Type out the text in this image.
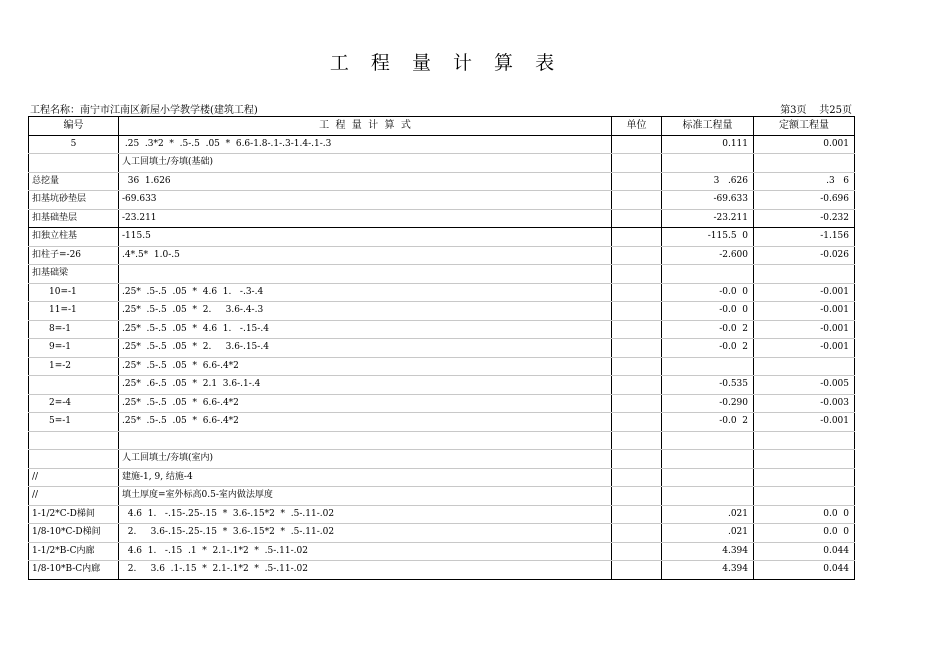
工 程 量 计 算 表
工程名称：南宁市江南区新屋小学教学楼(建筑工程)	第3页    共25页
编号	工  程  量  计  算  式	单位	标准工程量	定额工程量
5	.25  .3*2  *  .5-.5  .05  *  6.6-1.8-.1-.3-1.4-.1-.3		0.111	0.001
	人工回填土/夯填(基础)			
总挖量	36  1.626		3   .626	.3   6
扣基坑砂垫层	-69.633		-69.633	-0.696
扣基础垫层	-23.211		-23.211	-0.232
扣独立柱基	-115.5		-115.5  0	-1.156
扣柱子=-26	.4*.5*  1.0-.5		-2.600	-0.026
扣基础梁				
10=-1	.25*  .5-.5  .05  *  4.6  1.   -.3-.4		-0.0  0	-0.001
11=-1	.25*  .5-.5  .05  *  2.     3.6-.4-.3		-0.0  0	-0.001
8=-1	.25*  .5-.5  .05  *  4.6  1.   -.15-.4		-0.0  2	-0.001
9=-1	.25*  .5-.5  .05  *  2.     3.6-.15-.4		-0.0  2	-0.001
1=-2	.25*  .5-.5  .05  *  6.6-.4*2			
	.25*  .6-.5  .05  *  2.1  3.6-.1-.4		-0.535	-0.005
2=-4	.25*  .5-.5  .05  *  6.6-.4*2		-0.290	-0.003
5=-1	.25*  .5-.5  .05  *  6.6-.4*2		-0.0  2	-0.001

	人工回填土/夯填(室内)			
//	建施-1, 9, 结施-4			
//	填土厚度=室外标高0.5-室内做法厚度			
1-1/2*C-D梯间	4.6  1.   -.15-.25-.15  *  3.6-.15*2  *  .5-.11-.02		.021	0.0  0
1/8-10*C-D梯间	2.     3.6-.15-.25-.15  *  3.6-.15*2  *  .5-.11-.02		.021	0.0  0
1-1/2*B-C内廊	4.6  1.   -.15  .1  *  2.1-.1*2  *  .5-.11-.02		4.394	0.044
1/8-10*B-C内廊	2.     3.6  .1-.15  *  2.1-.1*2  *  .5-.11-.02		4.394	0.044
